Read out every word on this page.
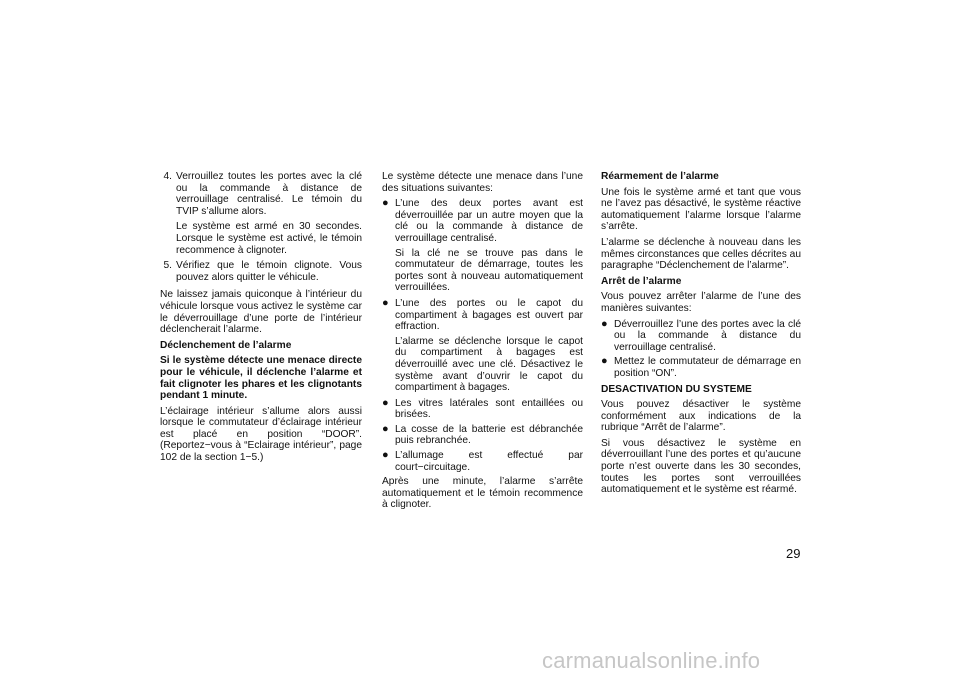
4. Verrouillez toutes les portes avec la clé ou la commande à distance de verrouillage centralisé. Le témoin du TVIP s’allume alors.

Le système est armé en 30 secondes. Lorsque le système est activé, le témoin recommence à clignoter.

5. Vérifiez que le témoin clignote. Vous pouvez alors quitter le véhicule.

Ne laissez jamais quiconque à l’intérieur du véhicule lorsque vous activez le système car le déverrouillage d’une porte de l’intérieur déclencherait l’alarme.

Déclenchement de l’alarme

Si le système détecte une menace directe pour le véhicule, il déclenche l’alarme et fait clignoter les phares et les clignotants pendant 1 minute.

L’éclairage intérieur s’allume alors aussi lorsque le commutateur d’éclairage intérieur est placé en position “DOOR”. (Reportez−vous à “Eclairage intérieur”, page 102 de la section 1−5.)

Le système détecte une menace dans l’une des situations suivantes:

● L’une des deux portes avant est déverrouillée par un autre moyen que la clé ou la commande à distance de verrouillage centralisé.

Si la clé ne se trouve pas dans le commutateur de démarrage, toutes les portes sont à nouveau automatiquement verrouillées.

● L’une des portes ou le capot du compartiment à bagages est ouvert par effraction.

L’alarme se déclenche lorsque le capot du compartiment à bagages est déverrouillé avec une clé. Désactivez le système avant d’ouvrir le capot du compartiment à bagages.

● Les vitres latérales sont entaillées ou brisées.
● La cosse de la batterie est débranchée puis rebranchée.
● L’allumage est effectué par court−circuitage.

Après une minute, l’alarme s’arrête automatiquement et le témoin recommence à clignoter.

Réarmement de l’alarme

Une fois le système armé et tant que vous ne l’avez pas désactivé, le système réactive automatiquement l’alarme lorsque l’alarme s’arrête.

L’alarme se déclenche à nouveau dans les mêmes circonstances que celles décrites au paragraphe “Déclenchement de l’alarme”.

Arrêt de l’alarme

Vous pouvez arrêter l’alarme de l’une des manières suivantes:

● Déverrouillez l’une des portes avec la clé ou la commande à distance du verrouillage centralisé.
● Mettez le commutateur de démarrage en position “ON”.
DESACTIVATION DU SYSTEME

Vous pouvez désactiver le système conformément aux indications de la rubrique “Arrêt de l’alarme”.

Si vous désactivez le système en déverrouillant l’une des portes et qu’aucune porte n’est ouverte dans les 30 secondes, toutes les portes sont verrouillées automatiquement et le système est réarmé.

29
carmanualsonline.info
